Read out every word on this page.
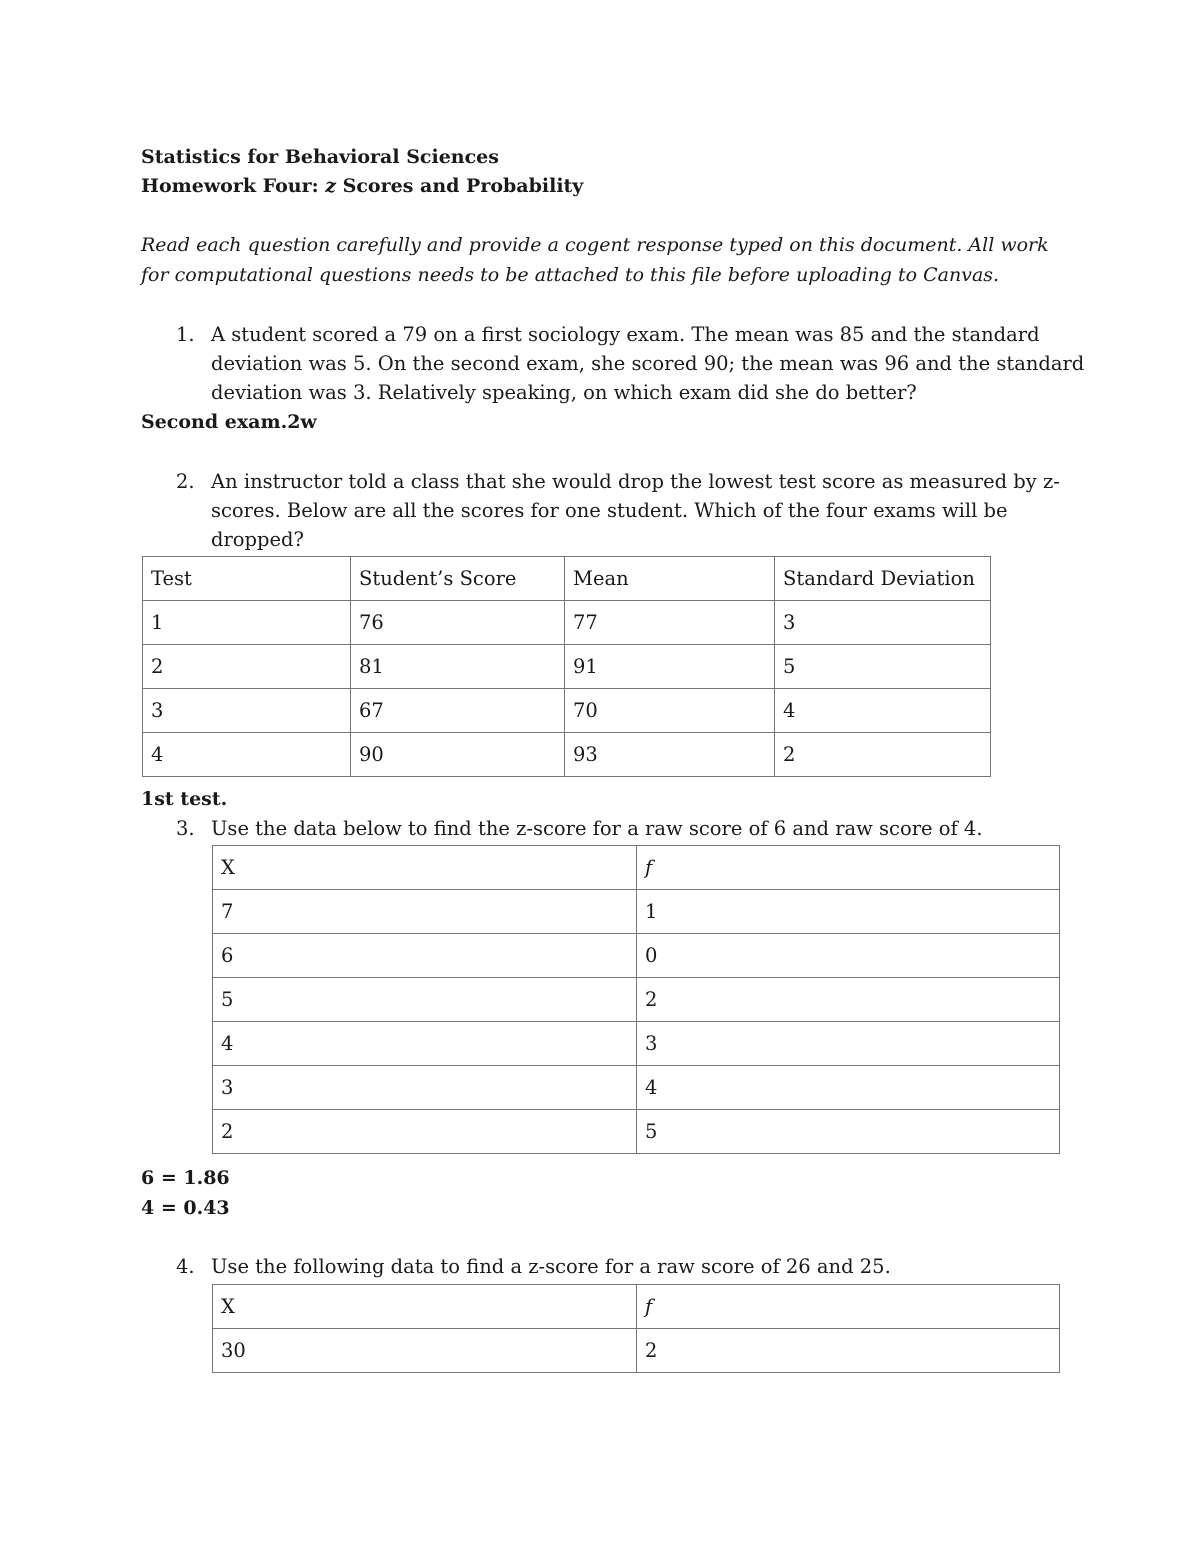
Statistics for Behavioral Sciences
Homework Four: z Scores and Probability
Read each question carefully and provide a cogent response typed on this document. All work
for computational questions needs to be attached to this file before uploading to Canvas.
1. A student scored a 79 on a first sociology exam. The mean was 85 and the standard
deviation was 5. On the second exam, she scored 90; the mean was 96 and the standard
deviation was 3. Relatively speaking, on which exam did she do better?
Second exam.2w
2. An instructor told a class that she would drop the lowest test score as measured by z-
scores. Below are all the scores for one student. Which of the four exams will be
dropped?
Test	Student’s Score	Mean	Standard Deviation
1	76	77	3
2	81	91	5
3	67	70	4
4	90	93	2
1st test.
3. Use the data below to find the z-score for a raw score of 6 and raw score of 4.
X	f
7	1
6	0
5	2
4	3
3	4
2	5
6 = 1.86
4 = 0.43
4. Use the following data to find a z-score for a raw score of 26 and 25.
X	f
30	2
